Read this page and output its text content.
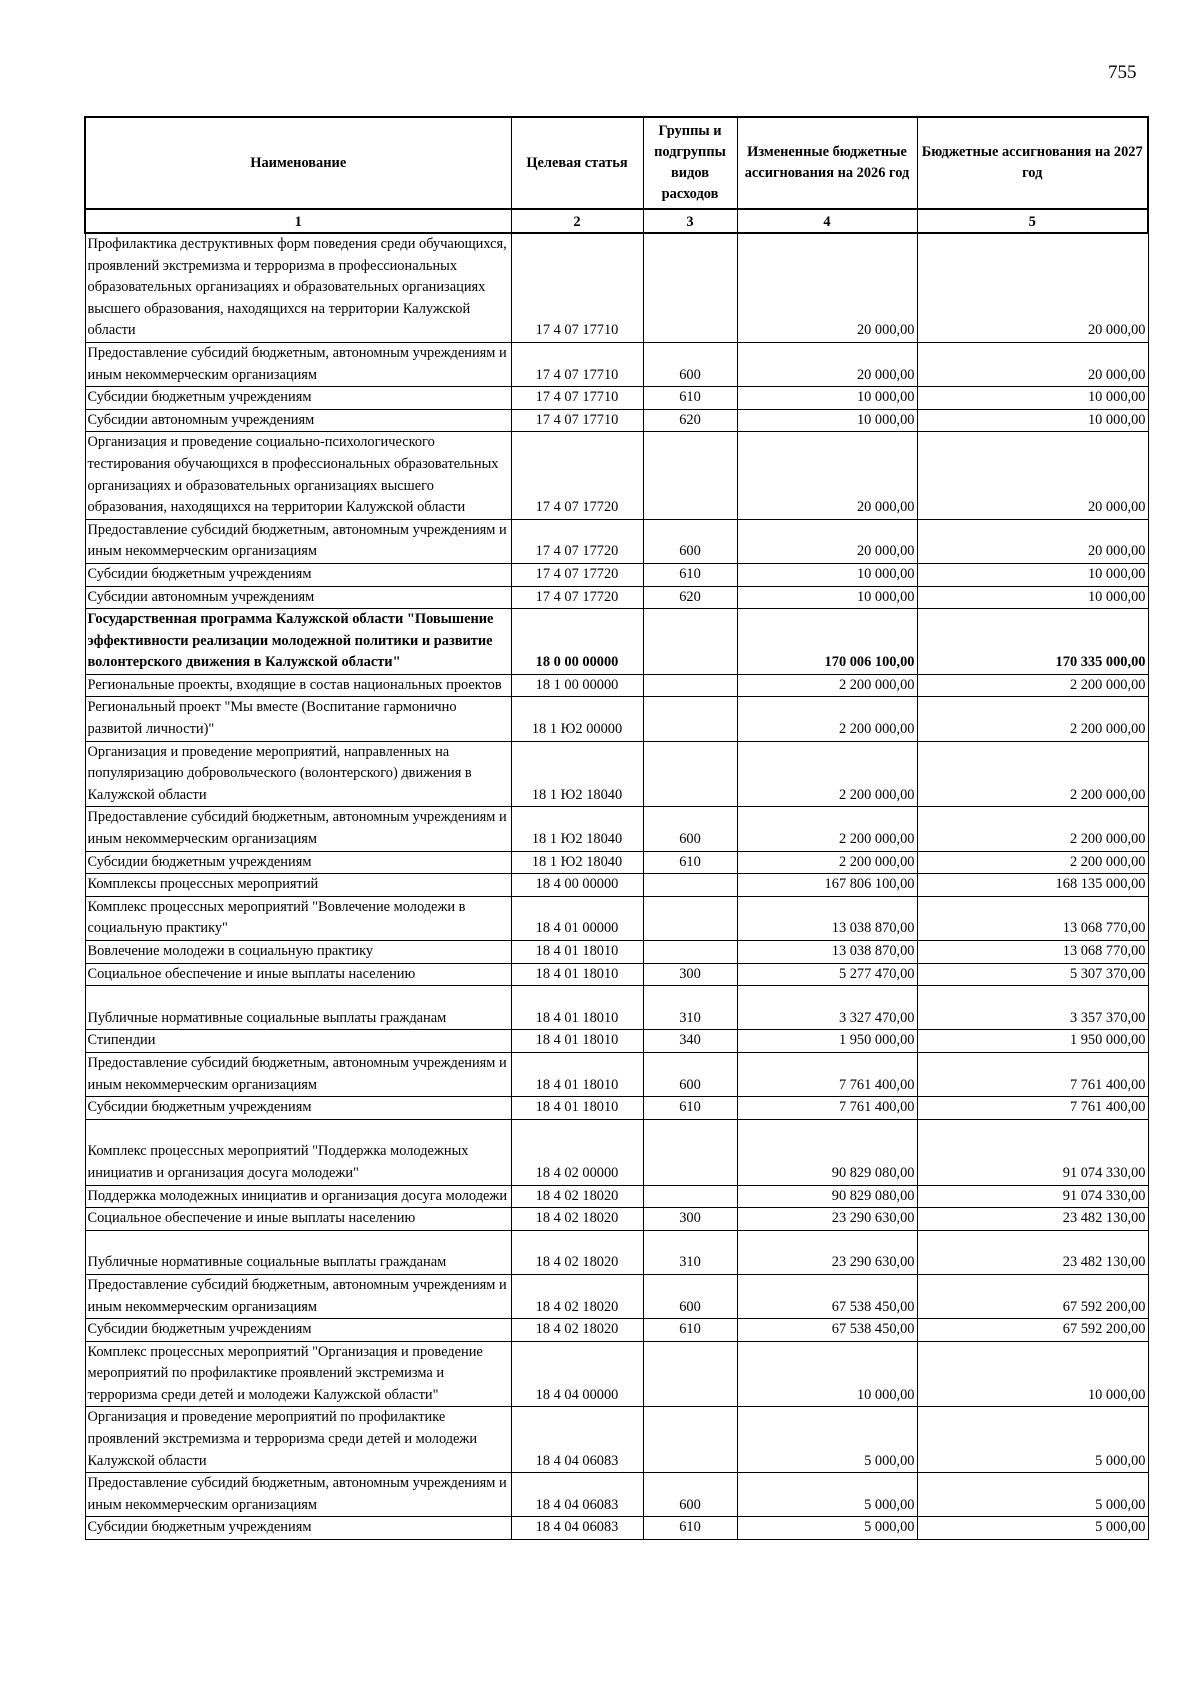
755
Наименование	Целевая статья	Группы и подгруппы видов расходов	Измененные бюджетные ассигнования на 2026 год	Бюджетные ассигнования на 2027 год
1	2	3	4	5
Профилактика деструктивных форм поведения среди обучающихся, проявлений экстремизма и терроризма в профессиональных образовательных организациях и образовательных организациях высшего образования, находящихся на территории Калужской области	17 4 07 17710		20 000,00	20 000,00
Предоставление субсидий бюджетным, автономным учреждениям и иным некоммерческим организациям	17 4 07 17710	600	20 000,00	20 000,00
Субсидии бюджетным учреждениям	17 4 07 17710	610	10 000,00	10 000,00
Субсидии автономным учреждениям	17 4 07 17710	620	10 000,00	10 000,00
Организация и проведение социально-психологического тестирования обучающихся в профессиональных образовательных организациях и образовательных организациях высшего образования, находящихся на территории Калужской области	17 4 07 17720		20 000,00	20 000,00
Предоставление субсидий бюджетным, автономным учреждениям и иным некоммерческим организациям	17 4 07 17720	600	20 000,00	20 000,00
Субсидии бюджетным учреждениям	17 4 07 17720	610	10 000,00	10 000,00
Субсидии автономным учреждениям	17 4 07 17720	620	10 000,00	10 000,00
Государственная программа Калужской области "Повышение эффективности реализации молодежной политики и развитие волонтерского движения в Калужской области"	18 0 00 00000		170 006 100,00	170 335 000,00
Региональные проекты, входящие в состав национальных проектов	18 1 00 00000		2 200 000,00	2 200 000,00
Региональный проект "Мы вместе (Воспитание гармонично развитой личности)"	18 1 Ю2 00000		2 200 000,00	2 200 000,00
Организация и проведение мероприятий, направленных на популяризацию добровольческого (волонтерского) движения в Калужской области	18 1 Ю2 18040		2 200 000,00	2 200 000,00
Предоставление субсидий бюджетным, автономным учреждениям и иным некоммерческим организациям	18 1 Ю2 18040	600	2 200 000,00	2 200 000,00
Субсидии бюджетным учреждениям	18 1 Ю2 18040	610	2 200 000,00	2 200 000,00
Комплексы процессных мероприятий	18 4 00 00000		167 806 100,00	168 135 000,00
Комплекс процессных мероприятий "Вовлечение молодежи в социальную практику"	18 4 01 00000		13 038 870,00	13 068 770,00
Вовлечение молодежи в социальную практику	18 4 01 18010		13 038 870,00	13 068 770,00
Социальное обеспечение и иные выплаты населению	18 4 01 18010	300	5 277 470,00	5 307 370,00
Публичные нормативные социальные выплаты гражданам	18 4 01 18010	310	3 327 470,00	3 357 370,00
Стипендии	18 4 01 18010	340	1 950 000,00	1 950 000,00
Предоставление субсидий бюджетным, автономным учреждениям и иным некоммерческим организациям	18 4 01 18010	600	7 761 400,00	7 761 400,00
Субсидии бюджетным учреждениям	18 4 01 18010	610	7 761 400,00	7 761 400,00
Комплекс процессных мероприятий "Поддержка молодежных инициатив и организация досуга молодежи"	18 4 02 00000		90 829 080,00	91 074 330,00
Поддержка молодежных инициатив и организация досуга молодежи	18 4 02 18020		90 829 080,00	91 074 330,00
Социальное обеспечение и иные выплаты населению	18 4 02 18020	300	23 290 630,00	23 482 130,00
Публичные нормативные социальные выплаты гражданам	18 4 02 18020	310	23 290 630,00	23 482 130,00
Предоставление субсидий бюджетным, автономным учреждениям и иным некоммерческим организациям	18 4 02 18020	600	67 538 450,00	67 592 200,00
Субсидии бюджетным учреждениям	18 4 02 18020	610	67 538 450,00	67 592 200,00
Комплекс процессных мероприятий "Организация и проведение мероприятий по профилактике проявлений экстремизма и терроризма среди детей и молодежи Калужской области"	18 4 04 00000		10 000,00	10 000,00
Организация и проведение мероприятий по профилактике проявлений экстремизма и терроризма среди детей и молодежи Калужской области	18 4 04 06083		5 000,00	5 000,00
Предоставление субсидий бюджетным, автономным учреждениям и иным некоммерческим организациям	18 4 04 06083	600	5 000,00	5 000,00
Субсидии бюджетным учреждениям	18 4 04 06083	610	5 000,00	5 000,00
